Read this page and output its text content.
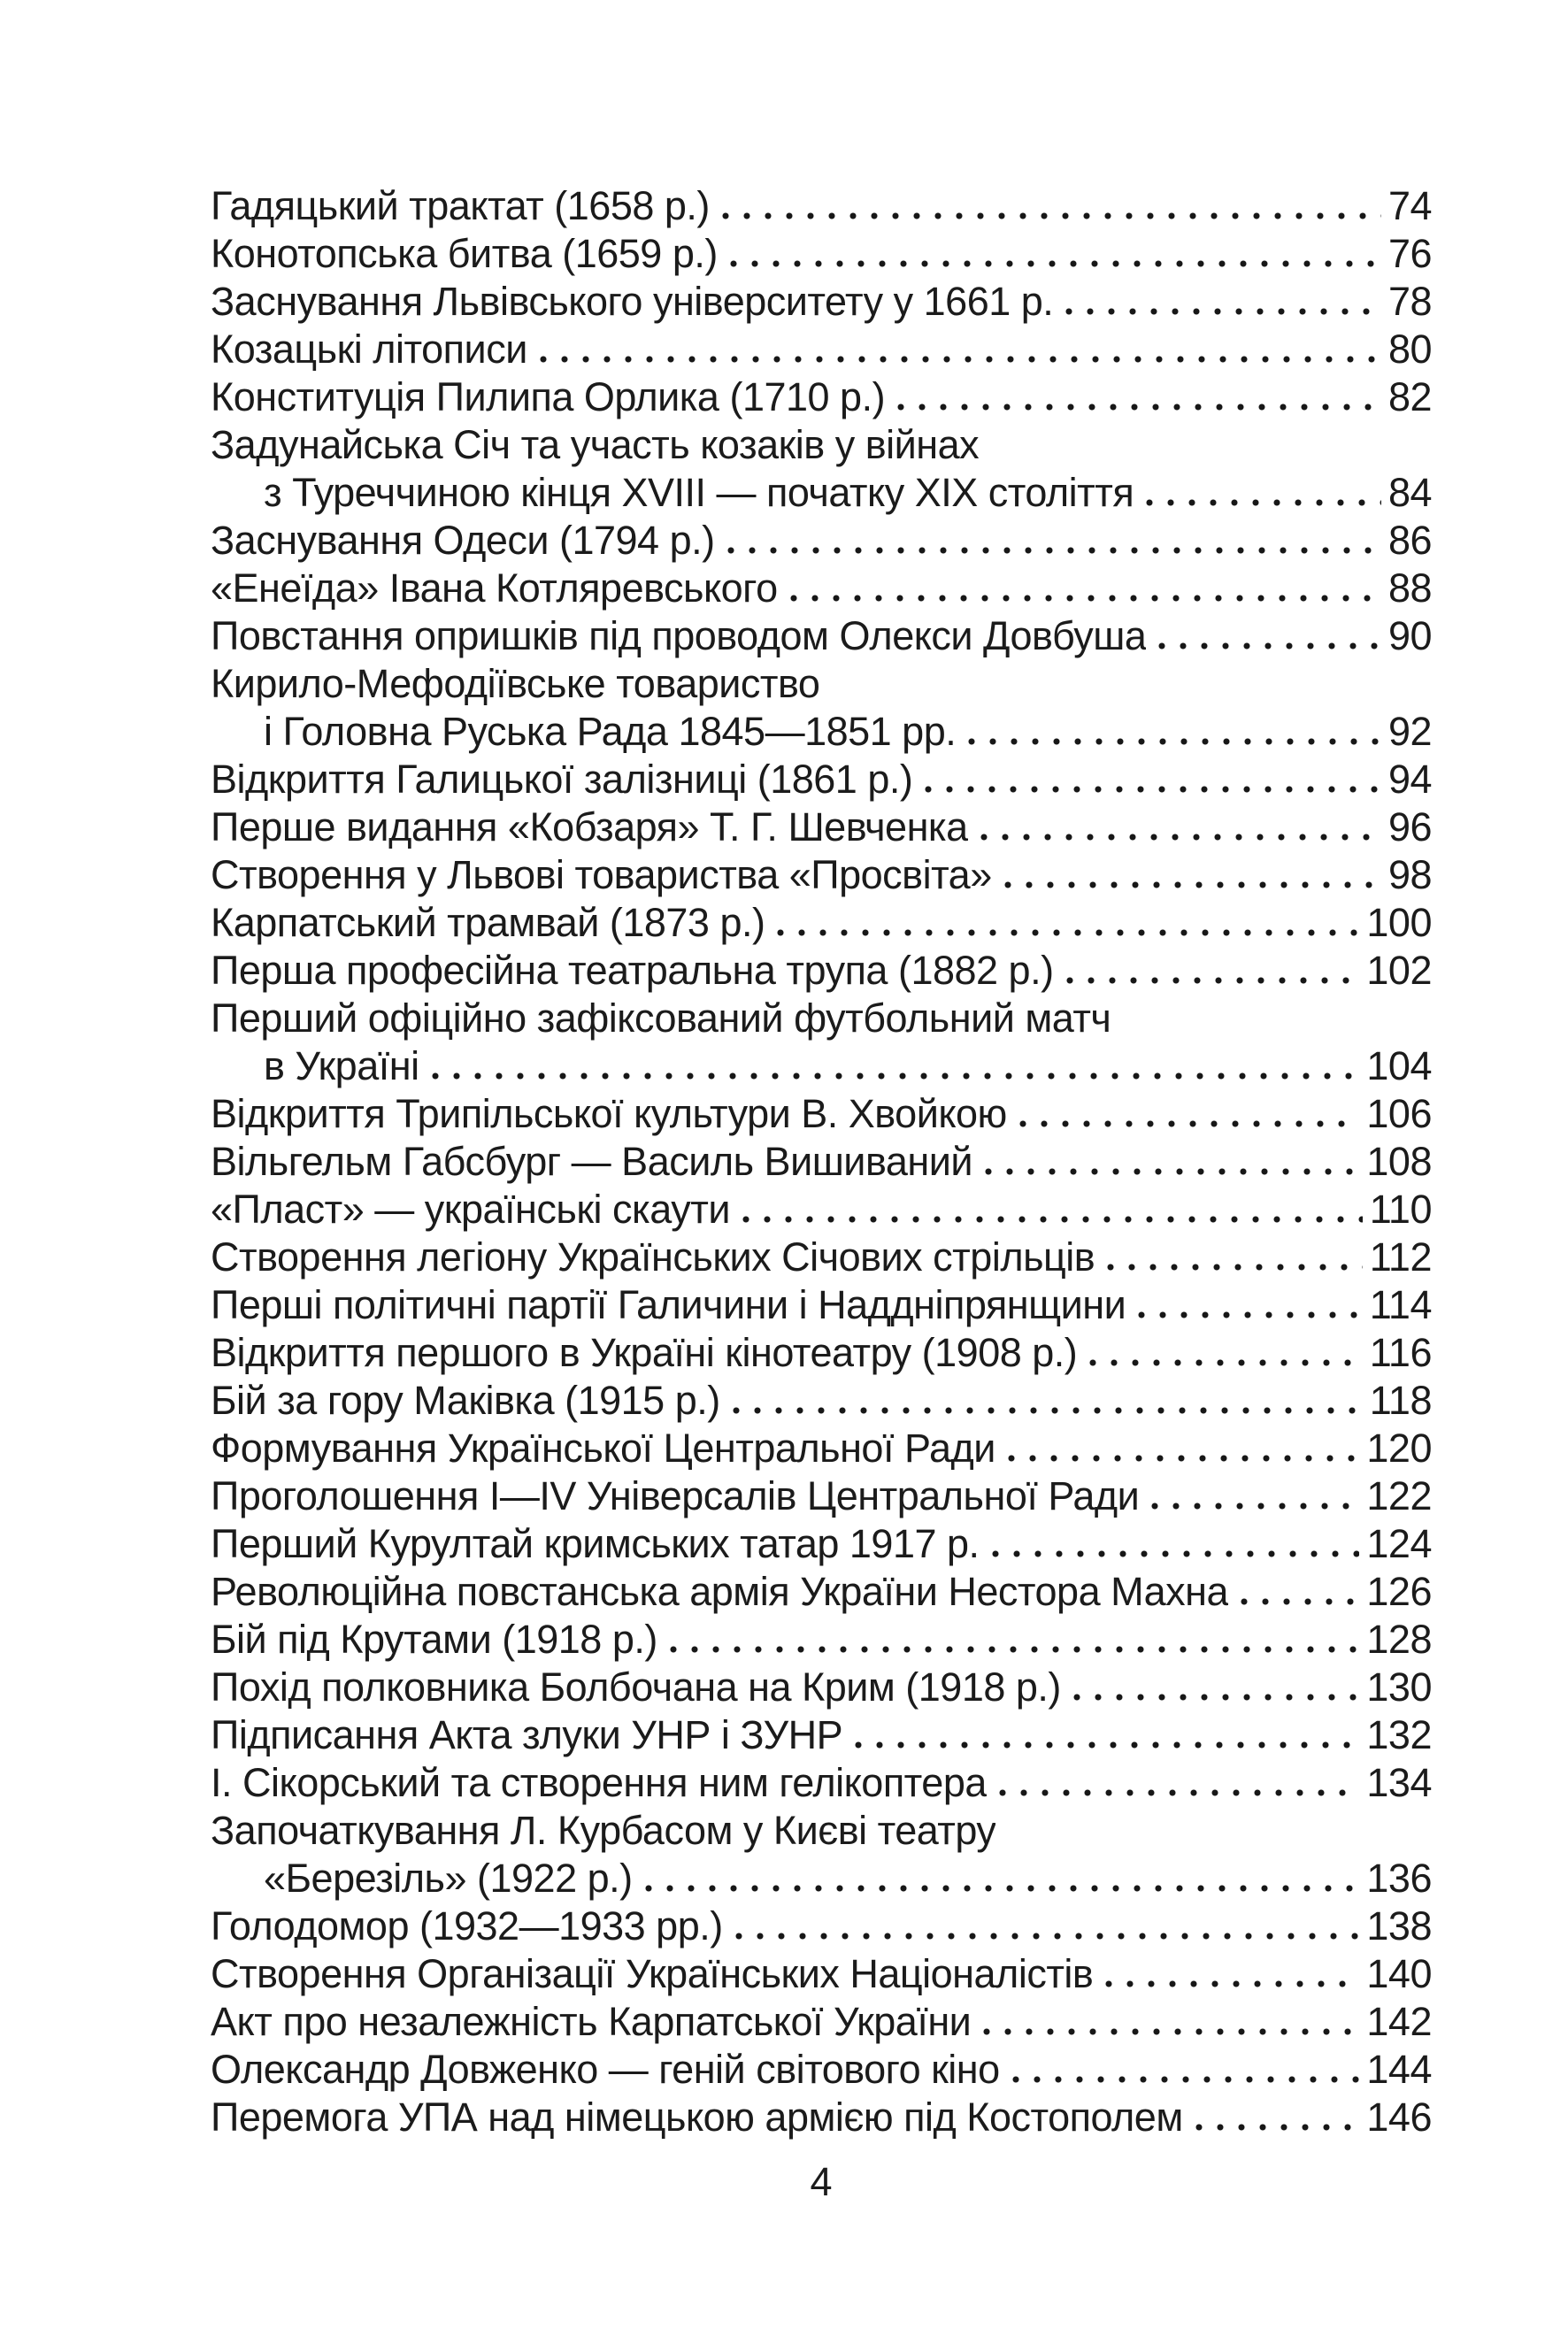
Гадяцький трактат (1658 р.)	74
Конотопська битва (1659 р.)	76
Заснування Львівського університету у 1661 р.	78
Козацькі літописи	80
Конституція Пилипа Орлика (1710 р.)	82
Задунайська Січ та участь козаків у війнах
з Туреччиною кінця XVIII — початку XIX століття	84
Заснування Одеси (1794 р.)	86
«Енеїда» Івана Котляревського	88
Повстання опришків під проводом Олекси Довбуша	90
Кирило-Мефодіївське товариство
і Головна Руська Рада 1845—1851 рр.	92
Відкриття Галицької залізниці (1861 р.)	94
Перше видання «Кобзаря» Т. Г. Шевченка	96
Створення у Львові товариства «Просвіта»	98
Карпатський трамвай (1873 р.)	100
Перша професійна театральна трупа (1882 р.)	102
Перший офіційно зафіксований футбольний матч
в Україні	104
Відкриття Трипільської культури В. Хвойкою	106
Вільгельм Габсбург — Василь Вишиваний	108
«Пласт» — українські скаути	110
Створення легіону Українських Січових стрільців	112
Перші політичні партії Галичини і Наддніпрянщини	114
Відкриття першого в Україні кінотеатру (1908 р.)	116
Бій за гору Маківка (1915 р.)	118
Формування Української Центральної Ради	120
Проголошення I—IV Універсалів Центральної Ради	122
Перший Курултай кримських татар 1917 р.	124
Революційна повстанська армія України Нестора Махна	126
Бій під Крутами (1918 р.)	128
Похід полковника Болбочана на Крим (1918 р.)	130
Підписання Акта злуки УНР і ЗУНР	132
І. Сікорський та створення ним гелікоптера	134
Започаткування Л. Курбасом у Києві театру
«Березіль» (1922 р.)	136
Голодомор (1932—1933 рр.)	138
Створення Організації Українських Націоналістів	140
Акт про незалежність Карпатської України	142
Олександр Довженко — геній світового кіно	144
Перемога УПА над німецькою армією під Костополем	146
4
